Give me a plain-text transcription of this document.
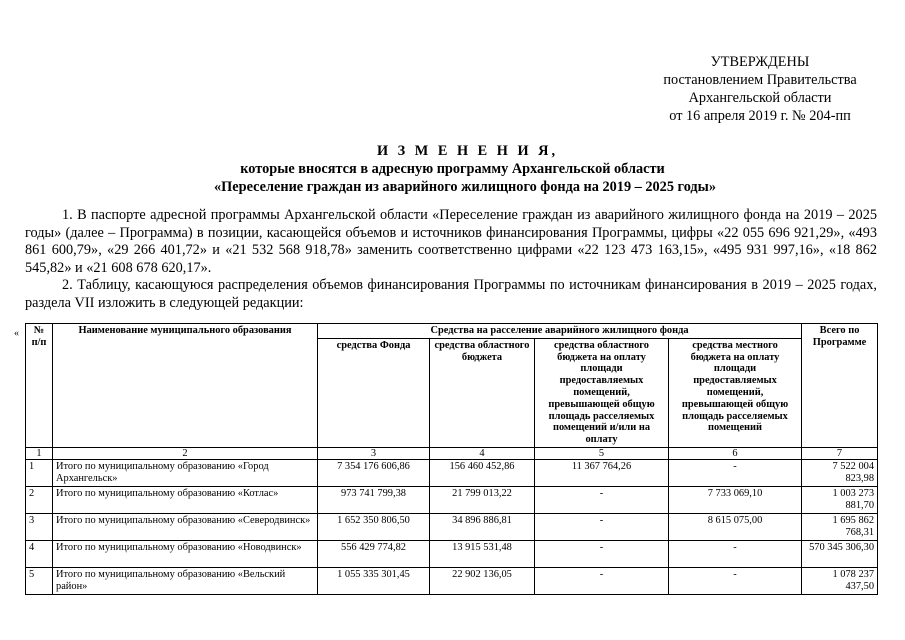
УТВЕРЖДЕНЫ
постановлением Правительства
Архангельской области
от 16 апреля 2019 г. № 204-пп
И З М Е Н Е Н И Я,
которые вносятся в адресную программу Архангельской области
«Переселение граждан из аварийного жилищного фонда на 2019 – 2025 годы»

1. В паспорте адресной программы Архангельской области «Переселение граждан из аварийного жилищного фонда на 2019 – 2025 годы» (далее – Программа) в позиции, касающейся объемов и источников финансирования Программы, цифры «22 055 696 921,29», «493 861 600,79», «29 266 401,72» и «21 532 568 918,78» заменить соответственно цифрами «22 123 473 163,15», «495 931 997,16», «18 862 545,82» и «21 608 678 620,17».

2. Таблицу, касающуюся распределения объемов финансирования Программы по источникам финансирования в 2019 – 2025 годах, раздела VII изложить в следующей редакции:

« № п/п	Наименование муниципального образования	Средства на расселение аварийного жилищного фонда				Всего по Программе
		средства Фонда	средства областного бюджета	средства областного бюджета на оплату площади предоставляемых помещений, превышающей общую площадь расселяемых помещений и/или на оплату	средства местного бюджета на оплату площади предоставляемых помещений, превышающей общую площадь расселяемых помещений	
1	2	3	4	5	6	7
1	Итого по муниципальному образованию «Город Архангельск»	7 354 176 606,86	156 460 452,86	11 367 764,26	-	7 522 004 823,98
2	Итого по муниципальному образованию «Котлас»	973 741 799,38	21 799 013,22	-	7 733 069,10	1 003 273 881,70
3	Итого по муниципальному образованию «Северодвинск»	1 652 350 806,50	34 896 886,81	-	8 615 075,00	1 695 862 768,31
4	Итого по муниципальному образованию «Новодвинск»	556 429 774,82	13 915 531,48	-	-	570 345 306,30
5	Итого по муниципальному образованию «Вельский район»	1 055 335 301,45	22 902 136,05	-	-	1 078 237 437,50
